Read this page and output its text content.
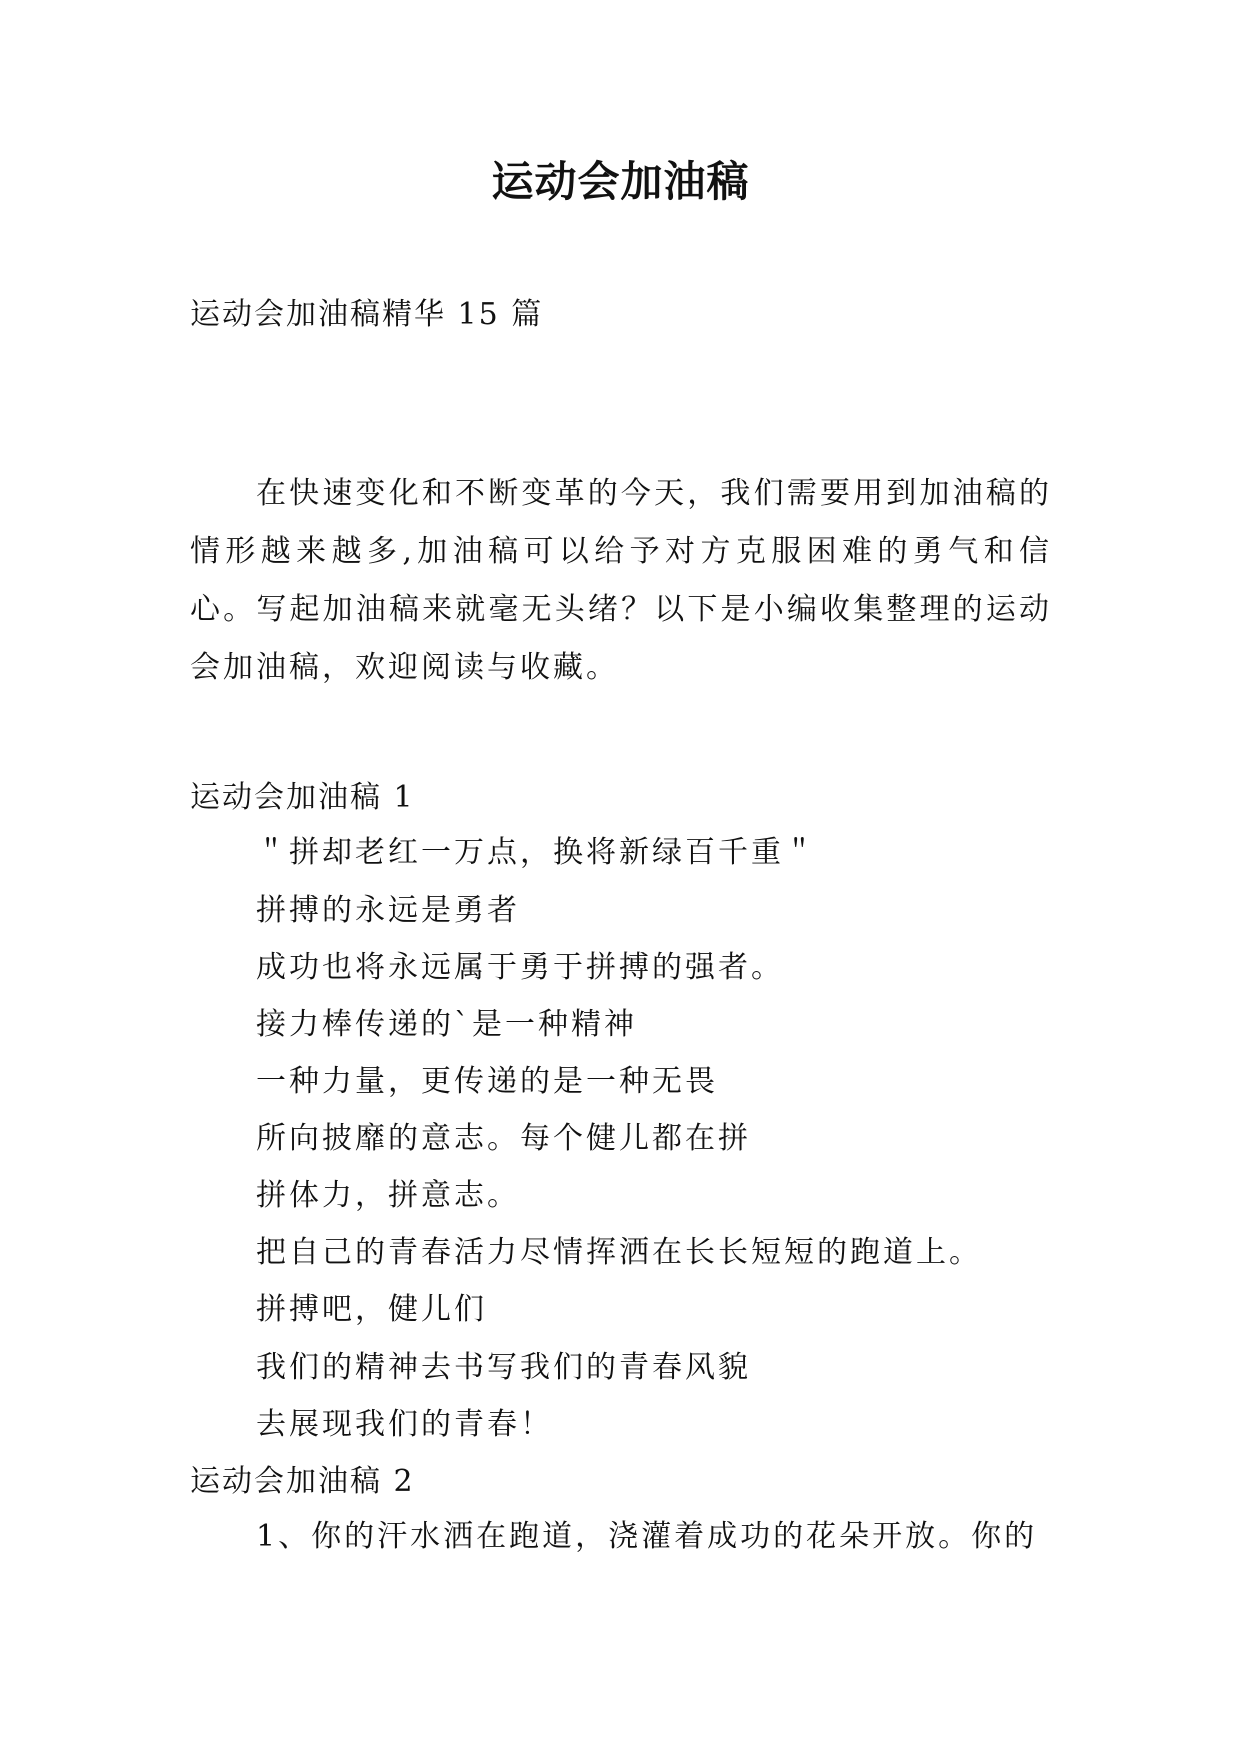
运动会加油稿
运动会加油稿精华 15 篇
在快速变化和不断变革的今天，我们需要用到加油稿的情形越来越多,加油稿可以给予对方克服困难的勇气和信心。写起加油稿来就毫无头绪？以下是小编收集整理的运动会加油稿，欢迎阅读与收藏。
运动会加油稿 1
＂拼却老红一万点，换将新绿百千重＂
拼搏的永远是勇者
成功也将永远属于勇于拼搏的强者。
接力棒传递的`是一种精神
一种力量，更传递的是一种无畏
所向披靡的意志。每个健儿都在拼
拼体力，拼意志。
把自己的青春活力尽情挥洒在长长短短的跑道上。
拼搏吧，健儿们
我们的精神去书写我们的青春风貌
去展现我们的青春！
运动会加油稿 2
1、你的汗水洒在跑道，浇灌着成功的花朵开放。你的
